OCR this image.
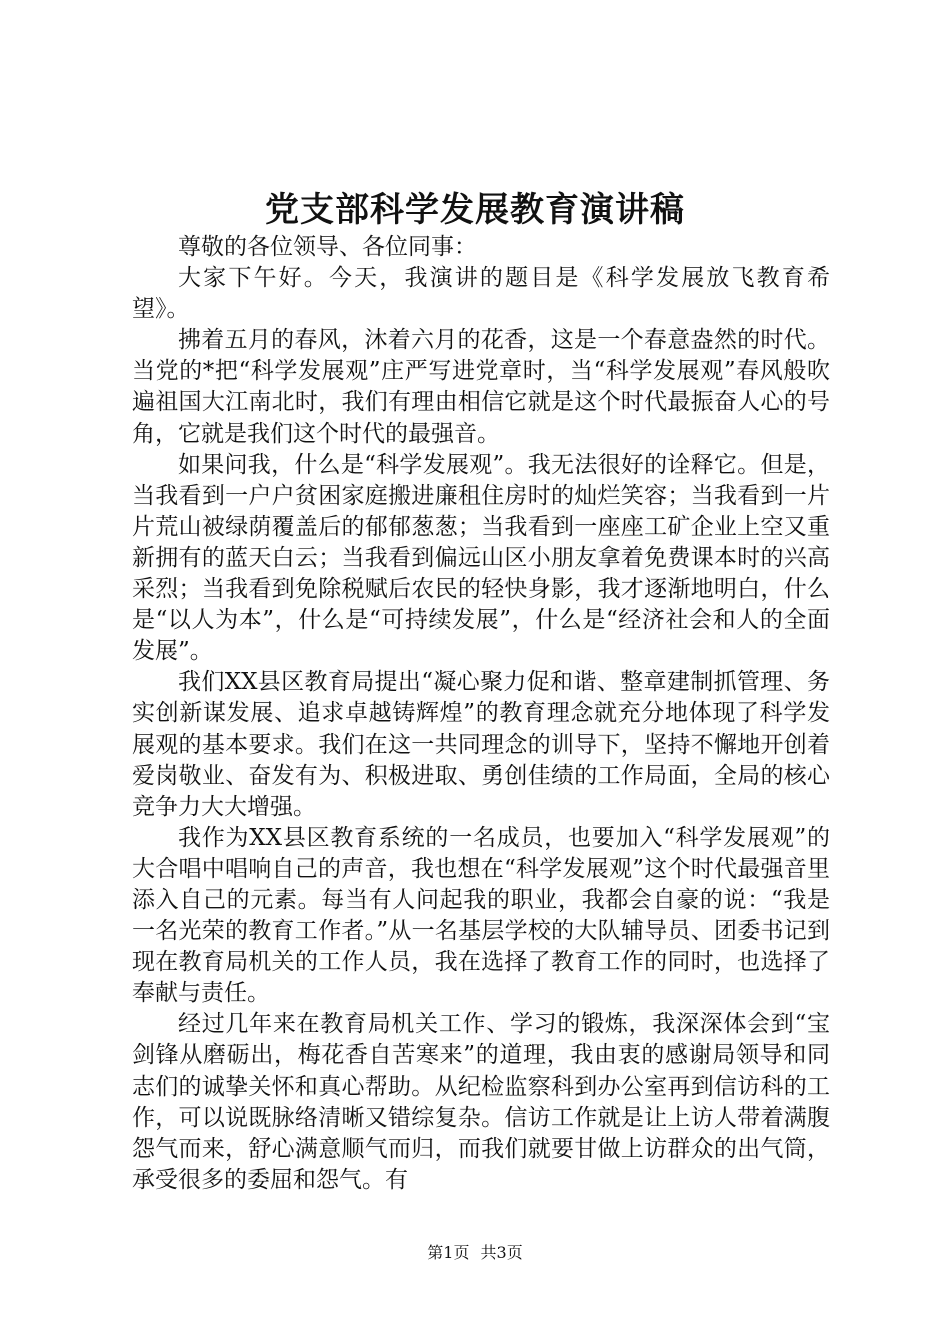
党支部科学发展教育演讲稿

尊敬的各位领导、各位同事：

大家下午好。今天，我演讲的题目是《科学发展放飞教育希望》。

拂着五月的春风，沐着六月的花香，这是一个春意盎然的时代。当党的*把“科学发展观”庄严写进党章时，当“科学发展观”春风般吹遍祖国大江南北时，我们有理由相信它就是这个时代最振奋人心的号角，它就是我们这个时代的最强音。

如果问我，什么是“科学发展观”。我无法很好的诠释它。但是，当我看到一户户贫困家庭搬进廉租住房时的灿烂笑容；当我看到一片片荒山被绿荫覆盖后的郁郁葱葱；当我看到一座座工矿企业上空又重新拥有的蓝天白云；当我看到偏远山区小朋友拿着免费课本时的兴高采烈；当我看到免除税赋后农民的轻快身影，我才逐渐地明白，什么是“以人为本”，什么是“可持续发展”，什么是“经济社会和人的全面发展”。

我们XX县区教育局提出“凝心聚力促和谐、整章建制抓管理、务实创新谋发展、追求卓越铸辉煌”的教育理念就充分地体现了科学发展观的基本要求。我们在这一共同理念的训导下，坚持不懈地开创着爱岗敬业、奋发有为、积极进取、勇创佳绩的工作局面，全局的核心竞争力大大增强。

我作为XX县区教育系统的一名成员，也要加入“科学发展观”的大合唱中唱响自己的声音，我也想在“科学发展观”这个时代最强音里添入自己的元素。每当有人问起我的职业，我都会自豪的说：“我是一名光荣的教育工作者。”从一名基层学校的大队辅导员、团委书记到现在教育局机关的工作人员，我在选择了教育工作的同时，也选择了奉献与责任。

经过几年来在教育局机关工作、学习的锻炼，我深深体会到“宝剑锋从磨砺出，梅花香自苦寒来”的道理，我由衷的感谢局领导和同志们的诚挚关怀和真心帮助。从纪检监察科到办公室再到信访科的工作，可以说既脉络清晰又错综复杂。信访工作就是让上访人带着满腹怨气而来，舒心满意顺气而归，而我们就要甘做上访群众的出气筒，承受很多的委屈和怨气。有

第1页 共3页
